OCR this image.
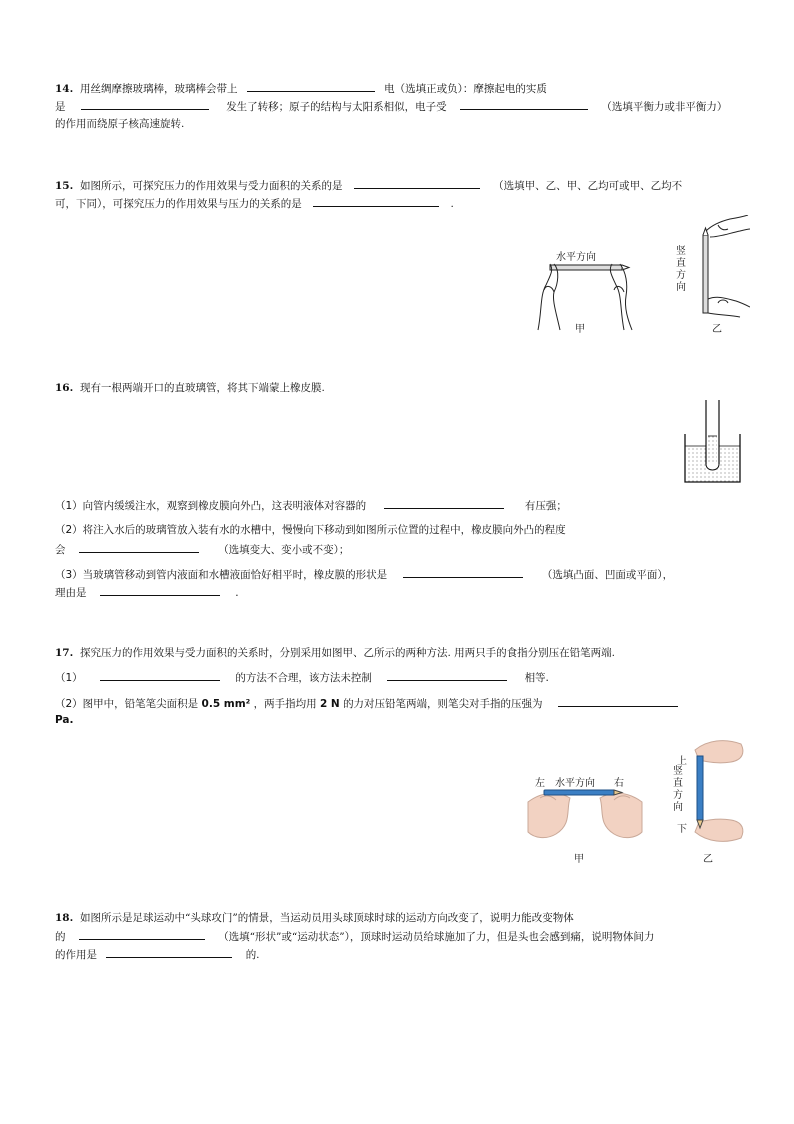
14. 用丝绸摩擦玻璃棒，玻璃棒会带上	电（选填正或负）：摩擦起电的实质
是	发生了转移；原子的结构与太阳系相似，电子受	（选填平衡力或非平衡力）
的作用而绕原子核高速旋转.
15. 如图所示，可探究压力的作用效果与受力面积的关系的是	（选填甲、乙、甲、乙均可或甲、乙均不
可，下同），可探究压力的作用效果与压力的关系的是	.
水平方向
甲
竖直方向
乙
16. 现有一根两端开口的直玻璃管，将其下端蒙上橡皮膜.
（1）向管内缓缓注水，观察到橡皮膜向外凸，这表明液体对容器的	有压强；
（2）将注入水后的玻璃管放入装有水的水槽中，慢慢向下移动到如图所示位置的过程中，橡皮膜向外凸的程度
会	（选填变大、变小或不变）；
（3）当玻璃管移动到管内液面和水槽液面恰好相平时，橡皮膜的形状是	（选填凸面、凹面或平面），
理由是	.
17. 探究压力的作用效果与受力面积的关系时，分别采用如图甲、乙所示的两种方法. 用两只手的食指分别压在铅笔两端.
（1）	的方法不合理，该方法未控制	相等.
（2）图甲中，铅笔笔尖面积是 0.5 mm² ，两手指均用 2 N 的力对压铅笔两端，则笔尖对手指的压强为
Pa.
左 水平方向 右
甲
上
竖直方向
下
乙
18. 如图所示是足球运动中“头球攻门”的情景，当运动员用头球顶球时球的运动方向改变了，说明力能改变物体
的	（选填“形状”或“运动状态”），顶球时运动员给球施加了力，但是头也会感到痛，说明物体间力
的作用是	的.
